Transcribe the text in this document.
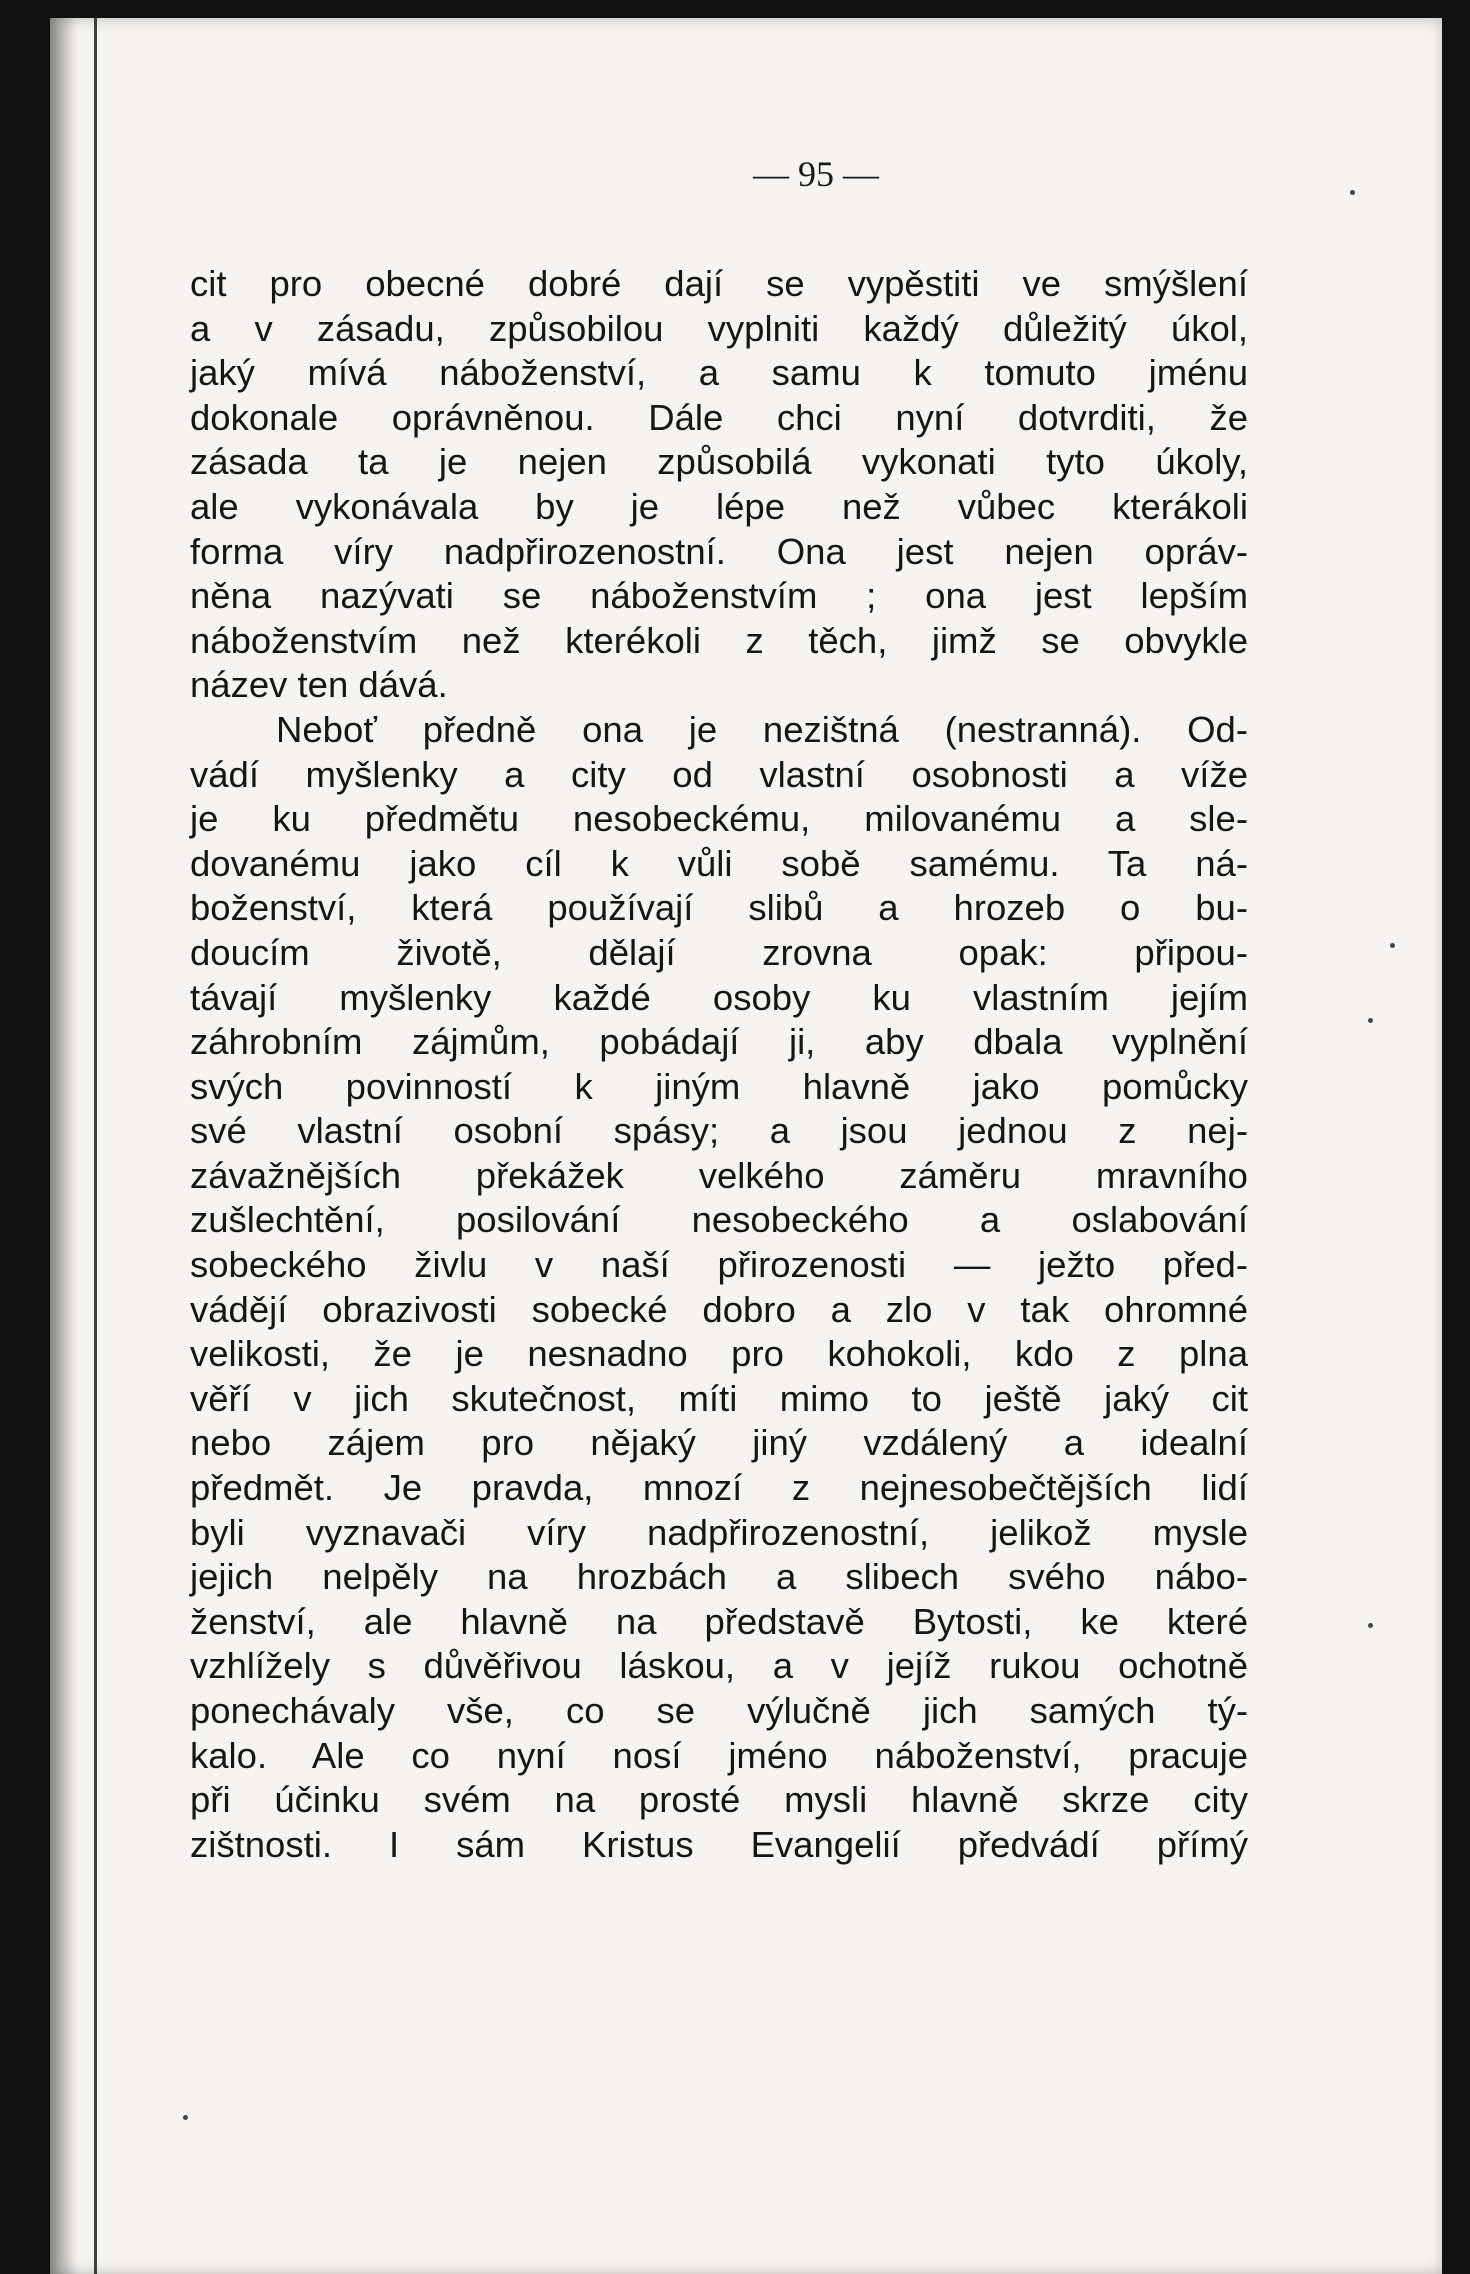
— 95 —
cit pro obecné dobré dají se vypěstiti ve smýšlení
a v zásadu, způsobilou vyplniti každý důležitý úkol,
jaký mívá náboženství, a samu k tomuto jménu
dokonale oprávněnou. Dále chci nyní dotvrditi, že
zásada ta je nejen způsobilá vykonati tyto úkoly,
ale vykonávala by je lépe než vůbec kterákoli
forma víry nadpřirozenostní. Ona jest nejen opráv-
něna nazývati se náboženstvím ; ona jest lepším
náboženstvím než kterékoli z těch, jimž se obvykle
název ten dává.
Neboť předně ona je nezištná (nestranná). Od-
vádí myšlenky a city od vlastní osobnosti a víže
je ku předmětu nesobeckému, milovanému a sle-
dovanému jako cíl k vůli sobě samému. Ta ná-
boženství, která používají slibů a hrozeb o bu-
doucím životě, dělají zrovna opak: připou-
távají myšlenky každé osoby ku vlastním jejím
záhrobním zájmům, pobádají ji, aby dbala vyplnění
svých povinností k jiným hlavně jako pomůcky
své vlastní osobní spásy; a jsou jednou z nej-
závažnějších překážek velkého záměru mravního
zušlechtění, posilování nesobeckého a oslabování
sobeckého živlu v naší přirozenosti — ježto před-
vádějí obrazivosti sobecké dobro a zlo v tak ohromné
velikosti, že je nesnadno pro kohokoli, kdo z plna
věří v jich skutečnost, míti mimo to ještě jaký cit
nebo zájem pro nějaký jiný vzdálený a idealní
předmět. Je pravda, mnozí z nejnesobečtějších lidí
byli vyznavači víry nadpřirozenostní, jelikož mysle
jejich nelpěly na hrozbách a slibech svého nábo-
ženství, ale hlavně na představě Bytosti, ke které
vzhlížely s důvěřivou láskou, a v jejíž rukou ochotně
ponechávaly vše, co se výlučně jich samých tý-
kalo. Ale co nyní nosí jméno náboženství, pracuje
při účinku svém na prosté mysli hlavně skrze city
zištnosti. I sám Kristus Evangelií předvádí přímý
